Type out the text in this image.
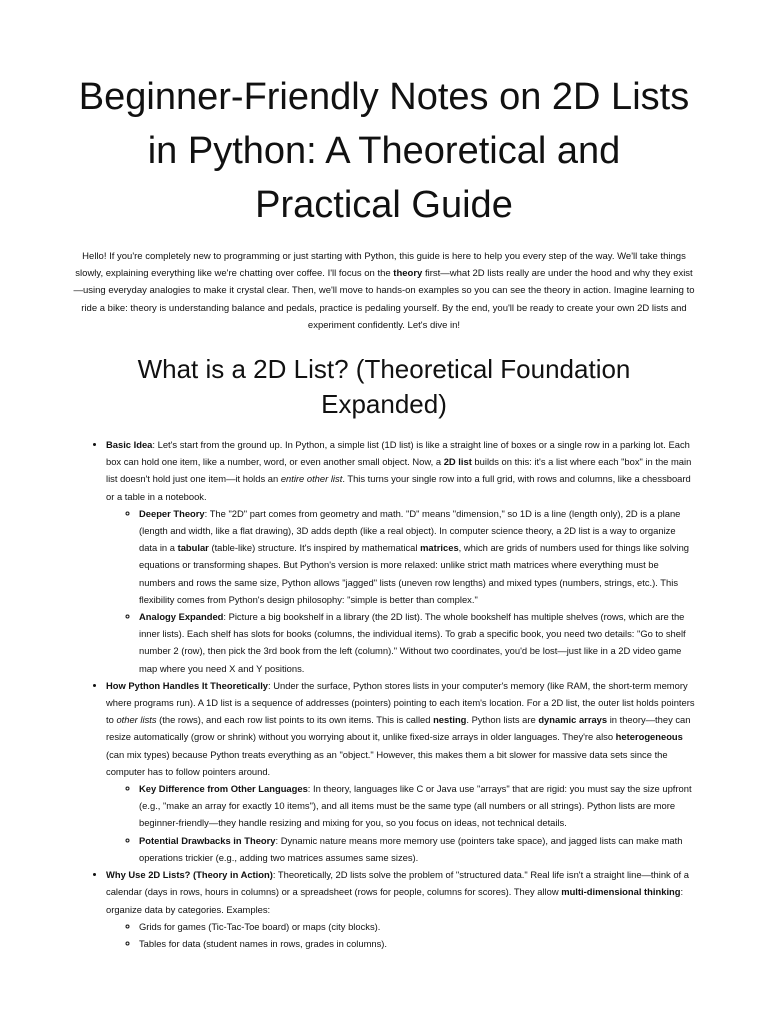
Beginner-Friendly Notes on 2D Lists in Python: A Theoretical and Practical Guide

Hello! If you're completely new to programming or just starting with Python, this guide is here to help you every step of the way. We'll take things slowly, explaining everything like we're chatting over coffee. I'll focus on the theory first—what 2D lists really are under the hood and why they exist—using everyday analogies to make it crystal clear. Then, we'll move to hands-on examples so you can see the theory in action. Imagine learning to ride a bike: theory is understanding balance and pedals, practice is pedaling yourself. By the end, you'll be ready to create your own 2D lists and experiment confidently. Let's dive in!

What is a 2D List? (Theoretical Foundation Expanded)
• Basic Idea: Let's start from the ground up. In Python, a simple list (1D list) is like a straight line of boxes or a single row in a parking lot. Each box can hold one item, like a number, word, or even another small object. Now, a 2D list builds on this: it's a list where each "box" in the main list doesn't hold just one item—it holds an entire other list. This turns your single row into a full grid, with rows and columns, like a chessboard or a table in a notebook.
◦ Deeper Theory: The "2D" part comes from geometry and math. "D" means "dimension," so 1D is a line (length only), 2D is a plane (length and width, like a flat drawing), 3D adds depth (like a real object). In computer science theory, a 2D list is a way to organize data in a tabular (table-like) structure. It's inspired by mathematical matrices, which are grids of numbers used for things like solving equations or transforming shapes. But Python's version is more relaxed: unlike strict math matrices where everything must be numbers and rows the same size, Python allows "jagged" lists (uneven row lengths) and mixed types (numbers, strings, etc.). This flexibility comes from Python's design philosophy: "simple is better than complex."
◦ Analogy Expanded: Picture a big bookshelf in a library (the 2D list). The whole bookshelf has multiple shelves (rows, which are the inner lists). Each shelf has slots for books (columns, the individual items). To grab a specific book, you need two details: "Go to shelf number 2 (row), then pick the 3rd book from the left (column)." Without two coordinates, you'd be lost—just like in a 2D video game map where you need X and Y positions.
• How Python Handles It Theoretically: Under the surface, Python stores lists in your computer's memory (like RAM, the short-term memory where programs run). A 1D list is a sequence of addresses (pointers) pointing to each item's location. For a 2D list, the outer list holds pointers to other lists (the rows), and each row list points to its own items. This is called nesting. Python lists are dynamic arrays in theory—they can resize automatically (grow or shrink) without you worrying about it, unlike fixed-size arrays in older languages. They're also heterogeneous (can mix types) because Python treats everything as an "object." However, this makes them a bit slower for massive data sets since the computer has to follow pointers around.
◦ Key Difference from Other Languages: In theory, languages like C or Java use "arrays" that are rigid: you must say the size upfront (e.g., "make an array for exactly 10 items"), and all items must be the same type (all numbers or all strings). Python lists are more beginner-friendly—they handle resizing and mixing for you, so you focus on ideas, not technical details.
◦ Potential Drawbacks in Theory: Dynamic nature means more memory use (pointers take space), and jagged lists can make math operations trickier (e.g., adding two matrices assumes same sizes).
• Why Use 2D Lists? (Theory in Action): Theoretically, 2D lists solve the problem of "structured data." Real life isn't a straight line—think of a calendar (days in rows, hours in columns) or a spreadsheet (rows for people, columns for scores). They allow multi-dimensional thinking: organize data by categories. Examples:
◦ Grids for games (Tic-Tac-Toe board) or maps (city blocks).
◦ Tables for data (student names in rows, grades in columns).
